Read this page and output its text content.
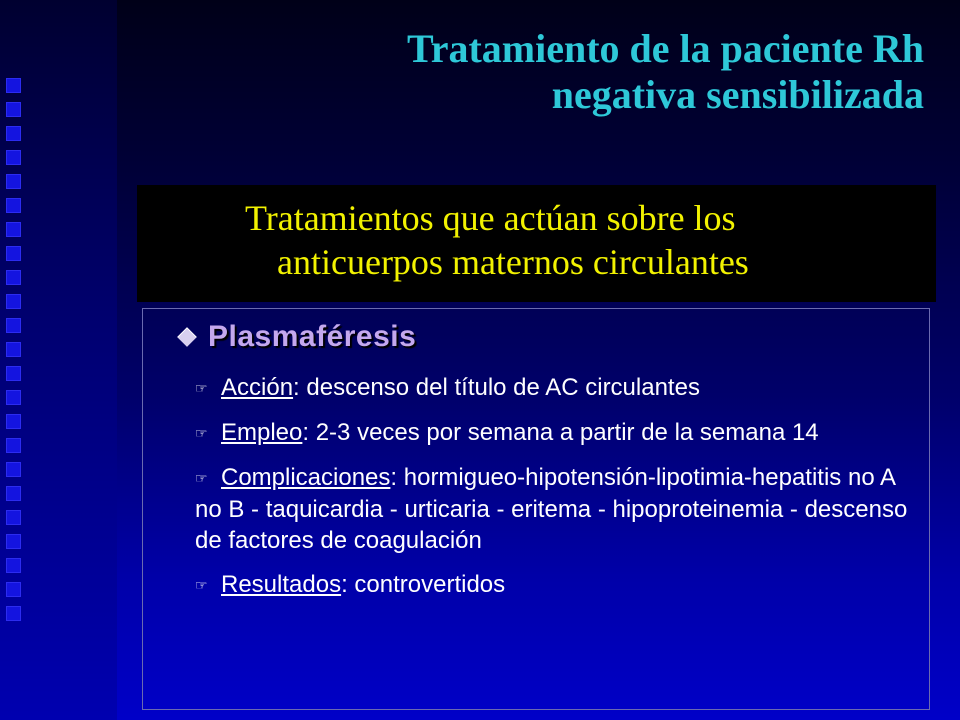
Tratamiento de la paciente Rh
negativa sensibilizada
Tratamientos que actúan sobre los
anticuerpos maternos circulantes
Plasmaféresis
☞ Acción: descenso del título de AC circulantes
☞ Empleo: 2-3 veces por semana a partir de la semana 14
☞ Complicaciones: hormigueo-hipotensión-lipotimia-hepatitis no A no B - taquicardia - urticaria - eritema - hipoproteinemia - descenso de factores de coagulación
☞ Resultados: controvertidos
